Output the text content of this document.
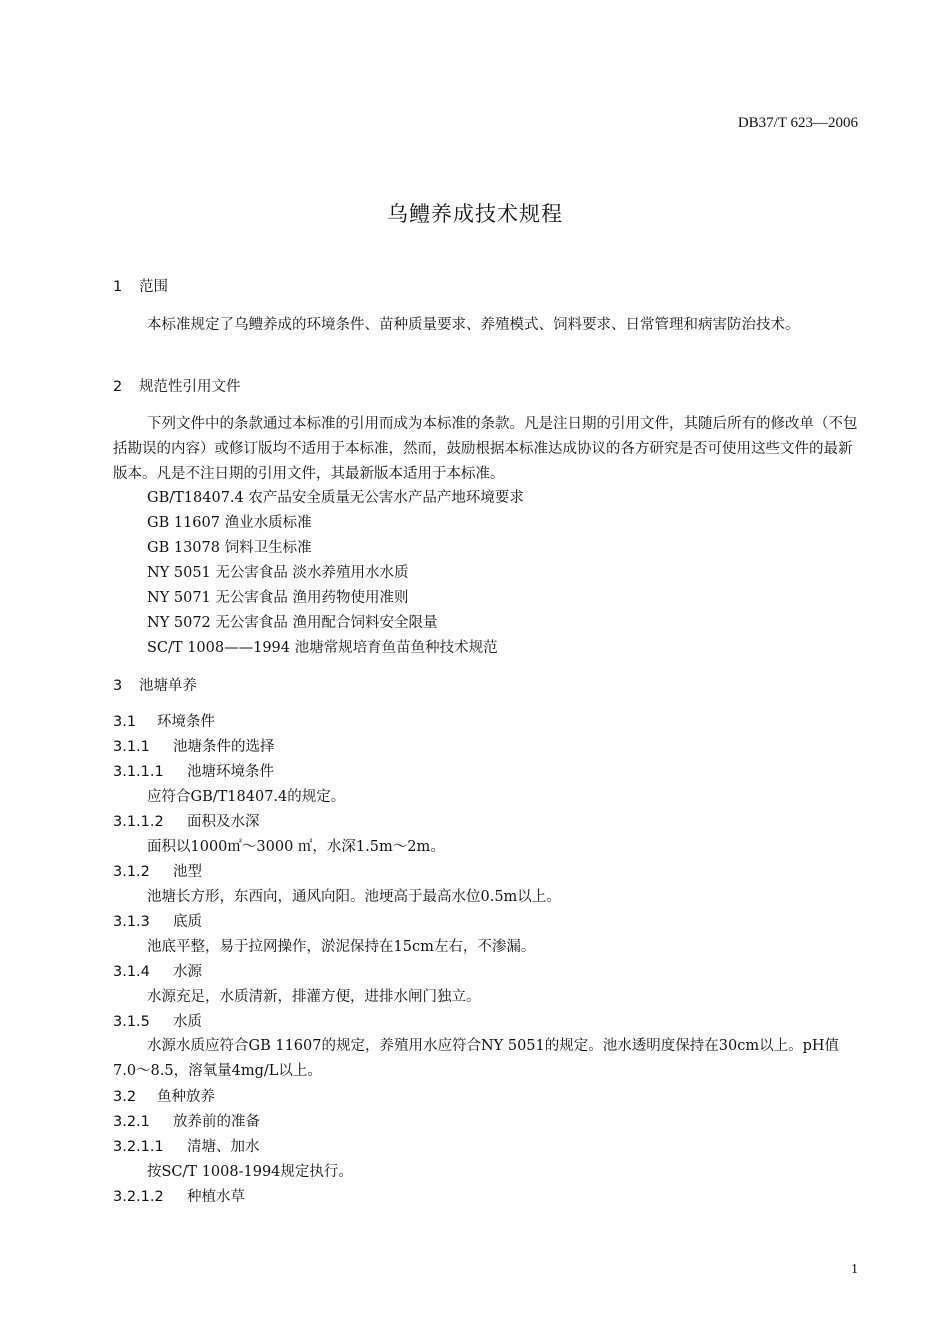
DB37/T 623—2006
乌鳢养成技术规程
1 范围
本标准规定了乌鳢养成的环境条件、苗种质量要求、养殖模式、饲料要求、日常管理和病害防治技术。
2 规范性引用文件
下列文件中的条款通过本标准的引用而成为本标准的条款。凡是注日期的引用文件，其随后所有的修改单（不包括勘误的内容）或修订版均不适用于本标准，然而，鼓励根据本标准达成协议的各方研究是否可使用这些文件的最新版本。凡是不注日期的引用文件，其最新版本适用于本标准。
GB/T18407.4 农产品安全质量无公害水产品产地环境要求
GB 11607 渔业水质标准
GB 13078 饲料卫生标准
NY 5051 无公害食品 淡水养殖用水水质
NY 5071 无公害食品 渔用药物使用准则
NY 5072 无公害食品 渔用配合饲料安全限量
SC/T 1008——1994 池塘常规培育鱼苗鱼种技术规范
3 池塘单养
3.1 环境条件
3.1.1 池塘条件的选择
3.1.1.1 池塘环境条件
应符合GB/T18407.4的规定。
3.1.1.2 面积及水深
面积以1000㎡～3000 ㎡，水深1.5m～2m。
3.1.2 池型
池塘长方形，东西向，通风向阳。池埂高于最高水位0.5m以上。
3.1.3 底质
池底平整，易于拉网操作，淤泥保持在15cm左右，不渗漏。
3.1.4 水源
水源充足，水质清新，排灌方便，进排水闸门独立。
3.1.5 水质
水源水质应符合GB 11607的规定，养殖用水应符合NY 5051的规定。池水透明度保持在30cm以上。pH值7.0～8.5，溶氧量4mg/L以上。
3.2 鱼种放养
3.2.1 放养前的准备
3.2.1.1 清塘、加水
按SC/T 1008-1994规定执行。
3.2.1.2 种植水草
1
